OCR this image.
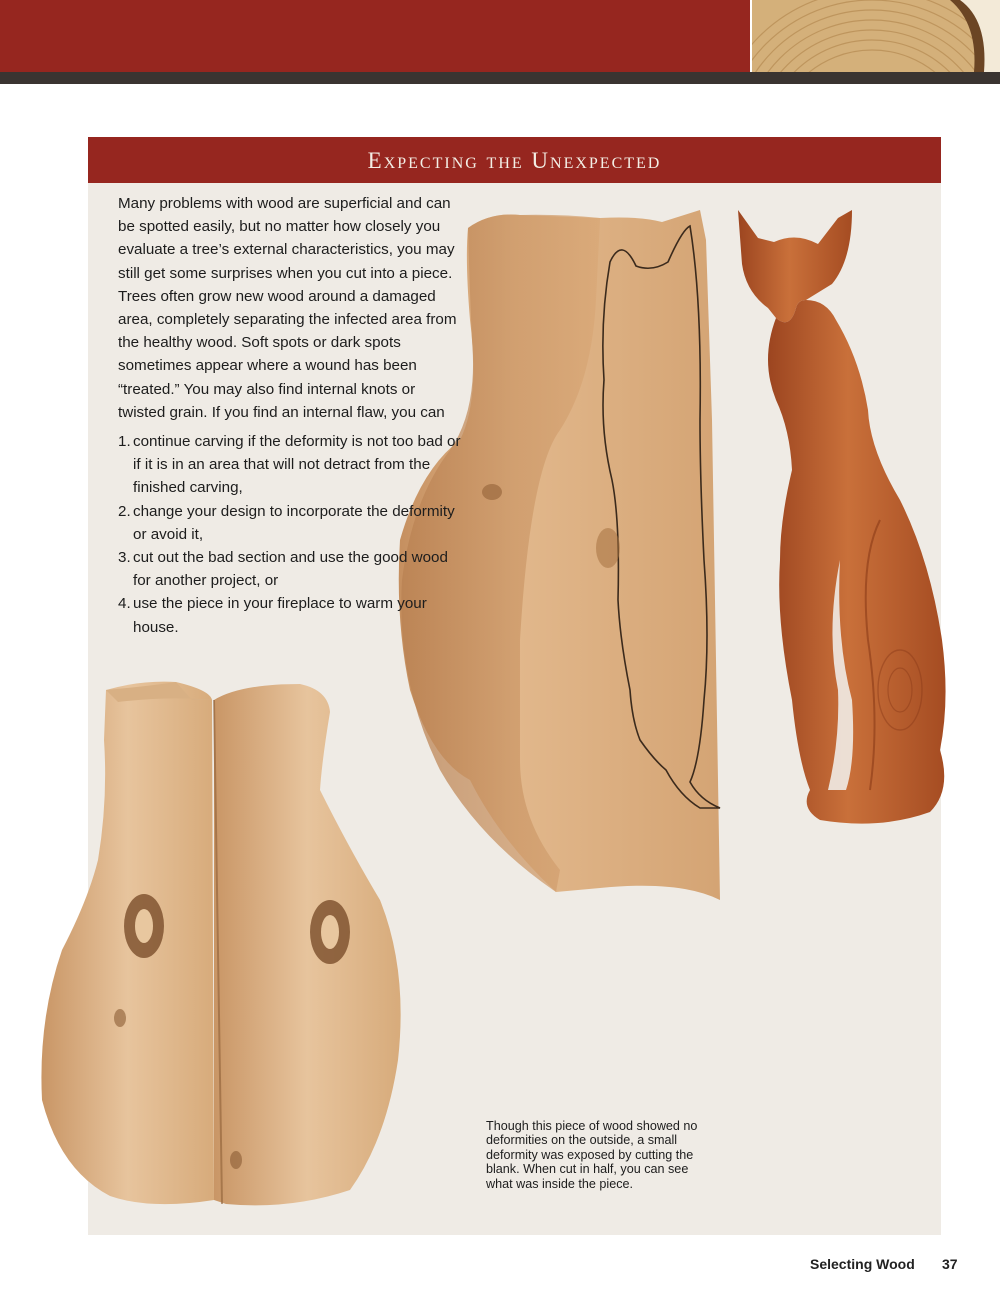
Expecting the Unexpected

Many problems with wood are superficial and can be spotted easily, but no matter how closely you evaluate a tree’s external characteristics, you may still get some surprises when you cut into a piece. Trees often grow new wood around a damaged area, completely separating the infected area from the healthy wood. Soft spots or dark spots sometimes appear where a wound has been “treated.” You may also find internal knots or twisted grain. If you find an internal flaw, you can

1. continue carving if the deformity is not too bad or if it is in an area that will not detract from the finished carving,
2. change your design to incorporate the deformity or avoid it,
3. cut out the bad section and use the good wood for another project, or
4. use the piece in your fireplace to warm your house.
Though this piece of wood showed no deformities on the outside, a small deformity was exposed by cutting the blank. When cut in half, you can see what was inside the piece.
Selecting Wood 37
